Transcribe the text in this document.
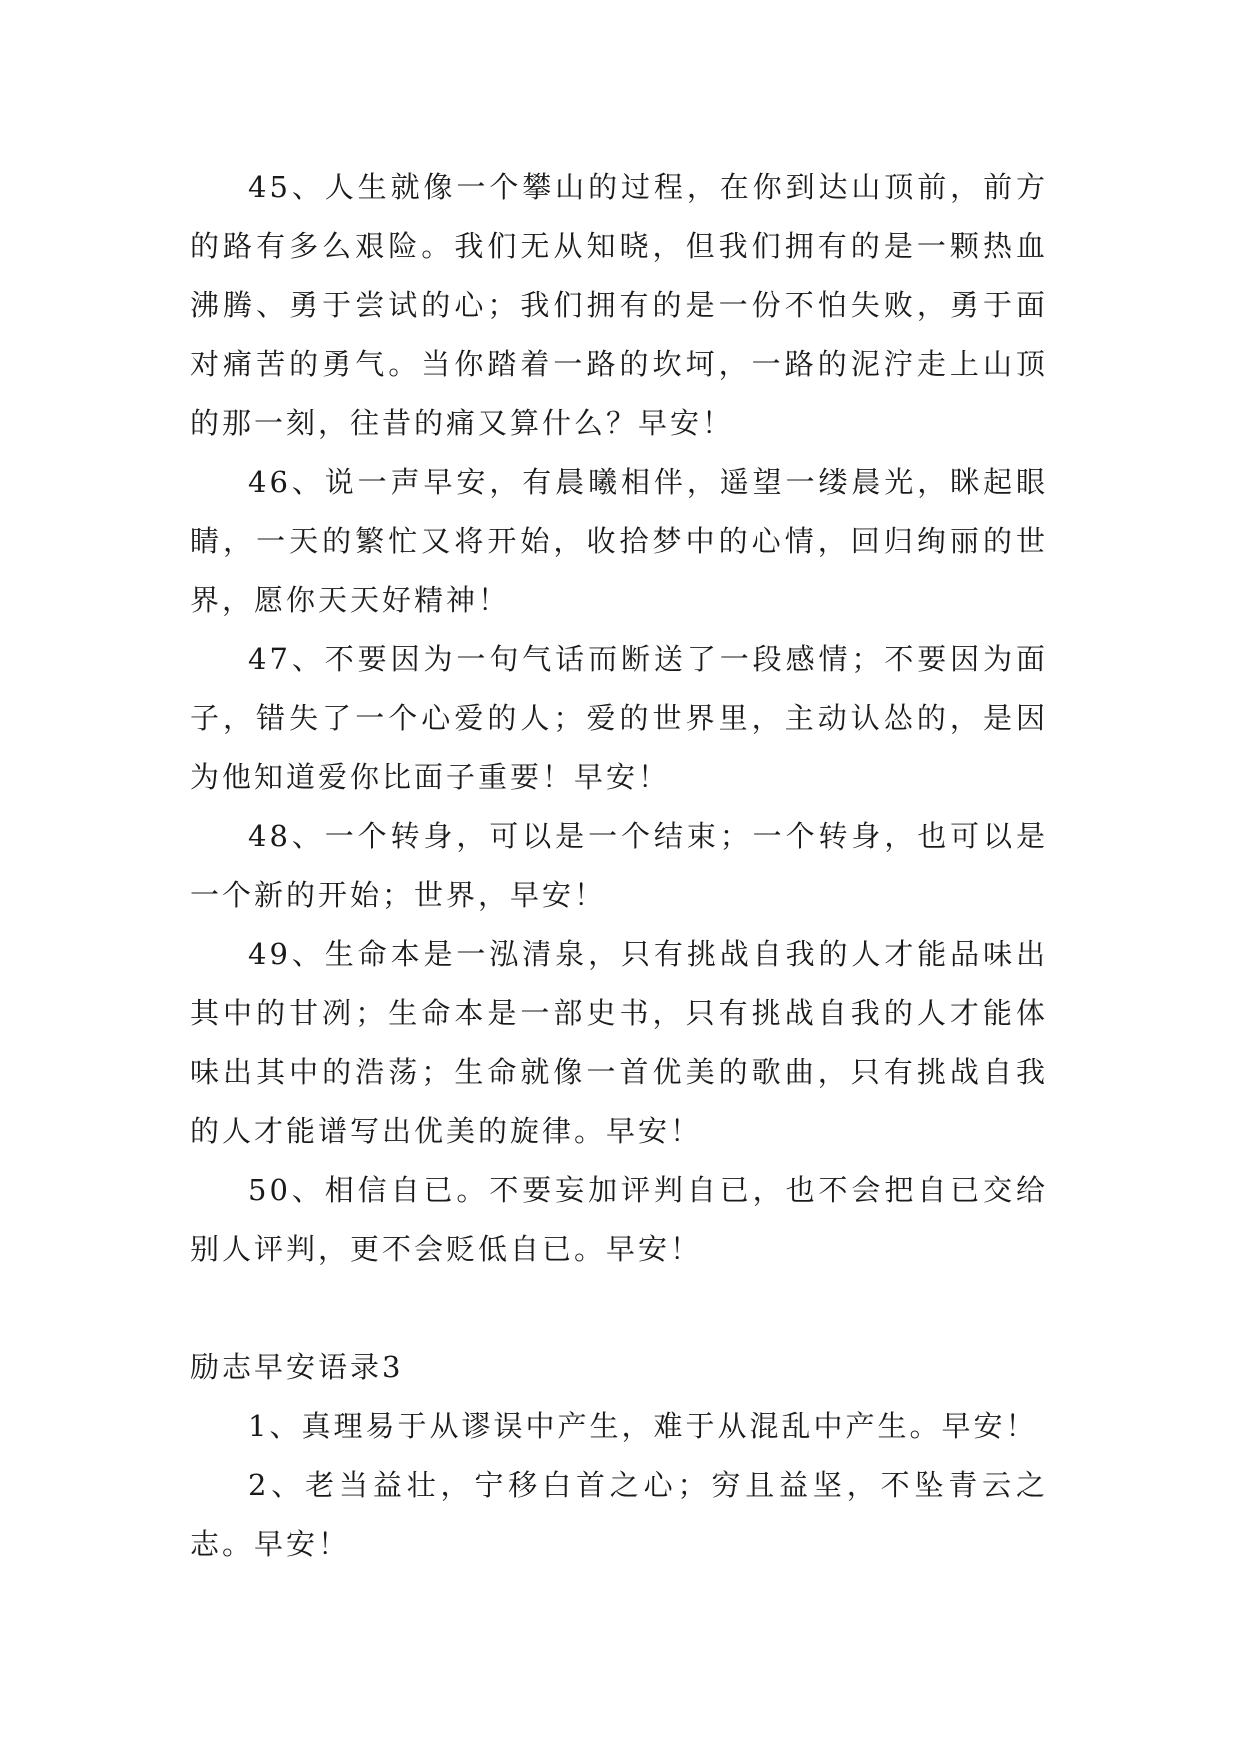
45、人生就像一个攀山的过程，在你到达山顶前，前方的路有多么艰险。我们无从知晓，但我们拥有的是一颗热血沸腾、勇于尝试的心；我们拥有的是一份不怕失败，勇于面对痛苦的勇气。当你踏着一路的坎坷，一路的泥泞走上山顶的那一刻，往昔的痛又算什么？早安！

46、说一声早安，有晨曦相伴，遥望一缕晨光，眯起眼睛，一天的繁忙又将开始，收拾梦中的心情，回归绚丽的世界，愿你天天好精神！

47、不要因为一句气话而断送了一段感情；不要因为面子，错失了一个心爱的人；爱的世界里，主动认怂的，是因为他知道爱你比面子重要！早安！

48、一个转身，可以是一个结束；一个转身，也可以是一个新的开始；世界，早安！

49、生命本是一泓清泉，只有挑战自我的人才能品味出其中的甘冽；生命本是一部史书，只有挑战自我的人才能体味出其中的浩荡；生命就像一首优美的歌曲，只有挑战自我的人才能谱写出优美的旋律。早安！

50、相信自已。不要妄加评判自已，也不会把自已交给别人评判，更不会贬低自已。早安！

励志早安语录3

1、真理易于从谬误中产生，难于从混乱中产生。早安！

2、老当益壮，宁移白首之心；穷且益坚，不坠青云之志。早安！
